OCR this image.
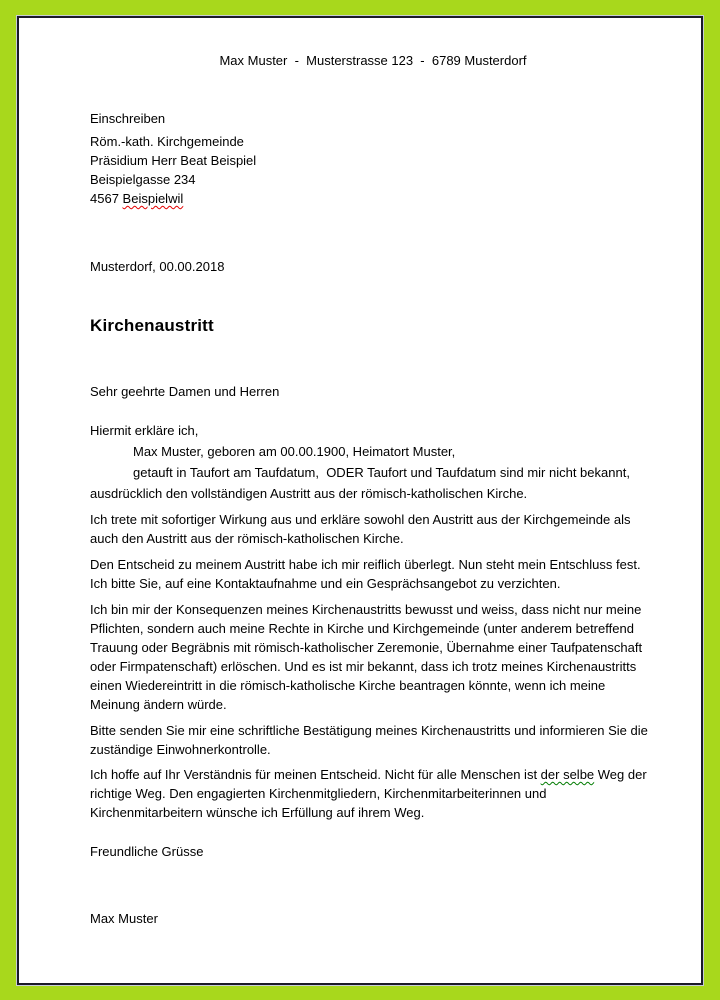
Max Muster  -  Musterstrasse 123  -  6789 Musterdorf
Einschreiben
Röm.-kath. Kirchgemeinde
Präsidium Herr Beat Beispiel
Beispielgasse 234
4567 Beispielwil
Musterdorf, 00.00.2018
Kirchenaustritt
Sehr geehrte Damen und Herren
Hiermit erkläre ich,
Max Muster, geboren am 00.00.1900, Heimatort Muster,
getauft in Taufort am Taufdatum,  ODER Taufort und Taufdatum sind mir nicht bekannt,
ausdrücklich den vollständigen Austritt aus der römisch-katholischen Kirche.

Ich trete mit sofortiger Wirkung aus und erkläre sowohl den Austritt aus der Kirchgemeinde als auch den Austritt aus der römisch-katholischen Kirche.

Den Entscheid zu meinem Austritt habe ich mir reiflich überlegt. Nun steht mein Entschluss fest. Ich bitte Sie, auf eine Kontaktaufnahme und ein Gesprächsangebot zu verzichten.

Ich bin mir der Konsequenzen meines Kirchenaustritts bewusst und weiss, dass nicht nur meine Pflichten, sondern auch meine Rechte in Kirche und Kirchgemeinde (unter anderem betreffend Trauung oder Begräbnis mit römisch-katholischer Zeremonie, Übernahme einer Taufpatenschaft oder Firmpatenschaft) erlöschen. Und es ist mir bekannt, dass ich trotz meines Kirchenaustritts einen Wiedereintritt in die römisch-katholische Kirche beantragen könnte, wenn ich meine Meinung ändern würde.

Bitte senden Sie mir eine schriftliche Bestätigung meines Kirchenaustritts und informieren Sie die zuständige Einwohnerkontrolle.

Ich hoffe auf Ihr Verständnis für meinen Entscheid. Nicht für alle Menschen ist der selbe Weg der richtige Weg. Den engagierten Kirchenmitgliedern, Kirchenmitarbeiterinnen und Kirchenmitarbeitern wünsche ich Erfüllung auf ihrem Weg.

Freundliche Grüsse
Max Muster
